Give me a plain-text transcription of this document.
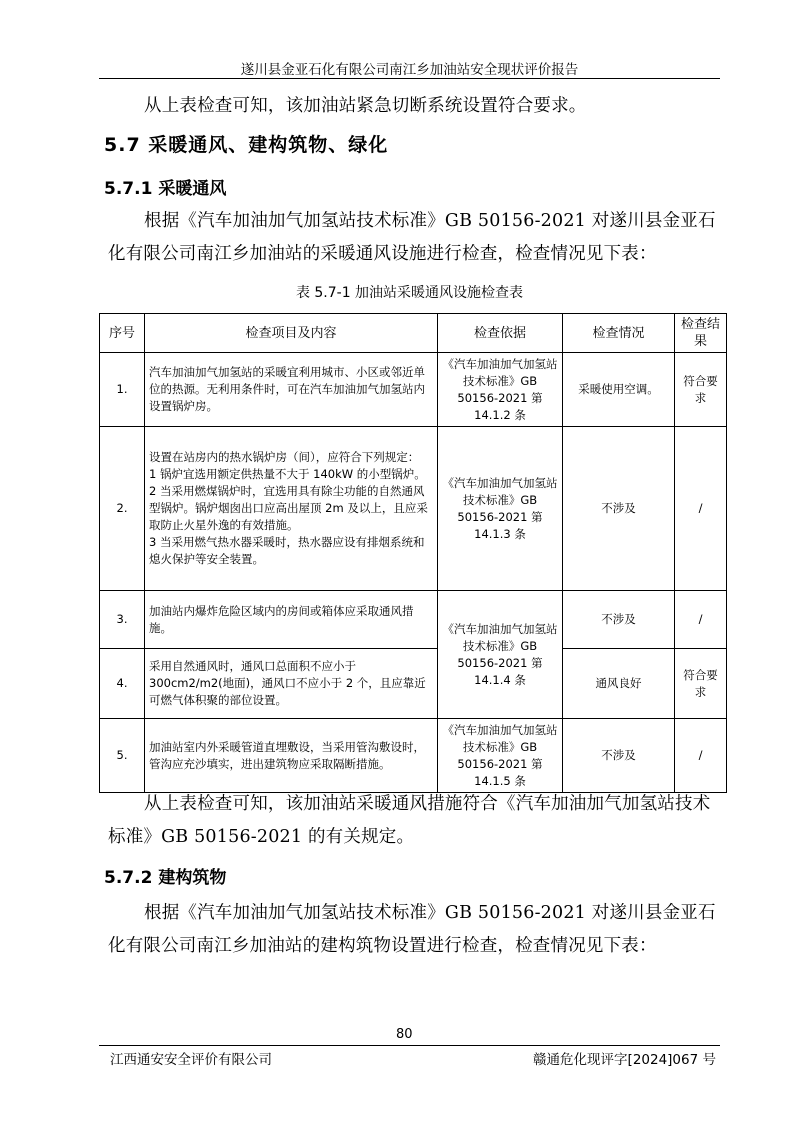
遂川县金亚石化有限公司南江乡加油站安全现状评价报告
从上表检查可知，该加油站紧急切断系统设置符合要求。
5.7 采暖通风、建构筑物、绿化
5.7.1 采暖通风
根据《汽车加油加气加氢站技术标准》GB 50156-2021 对遂川县金亚石化有限公司南江乡加油站的采暖通风设施进行检查，检查情况见下表：
表 5.7-1 加油站采暖通风设施检查表
序号	检查项目及内容	检查依据	检查情况	检查结果
1.	汽车加油加气加氢站的采暖宜利用城市、小区或邻近单位的热源。无利用条件时，可在汽车加油加气加氢站内设置锅炉房。	《汽车加油加气加氢站技术标准》GB 50156-2021 第 14.1.2 条	采暖使用空调。	符合要求
2.	设置在站房内的热水锅炉房（间），应符合下列规定：
1 锅炉宜选用额定供热量不大于 140kW 的小型锅炉。
2 当采用燃煤锅炉时，宜选用具有除尘功能的自然通风型锅炉。锅炉烟囱出口应高出屋顶 2m 及以上，且应采取防止火星外逸的有效措施。
3 当采用燃气热水器采暖时，热水器应设有排烟系统和熄火保护等安全装置。	《汽车加油加气加氢站技术标准》GB 50156-2021 第 14.1.3 条	不涉及	/
3.	加油站内爆炸危险区域内的房间或箱体应采取通风措施。	《汽车加油加气加氢站技术标准》GB 50156-2021 第 14.1.4 条	不涉及	/
4.	采用自然通风时，通风口总面积不应小于 300cm2/m2(地面)，通风口不应小于 2 个，且应靠近可燃气体积聚的部位设置。		通风良好	符合要求
5.	加油站室内外采暖管道直埋敷设，当采用管沟敷设时，管沟应充沙填实，进出建筑物应采取隔断措施。	《汽车加油加气加氢站技术标准》GB 50156-2021 第 14.1.5 条	不涉及	/
从上表检查可知，该加油站采暖通风措施符合《汽车加油加气加氢站技术标准》GB 50156-2021 的有关规定。
5.7.2 建构筑物
根据《汽车加油加气加氢站技术标准》GB 50156-2021 对遂川县金亚石化有限公司南江乡加油站的建构筑物设置进行检查，检查情况见下表：
80
江西通安安全评价有限公司	赣通危化现评字[2024]067 号
